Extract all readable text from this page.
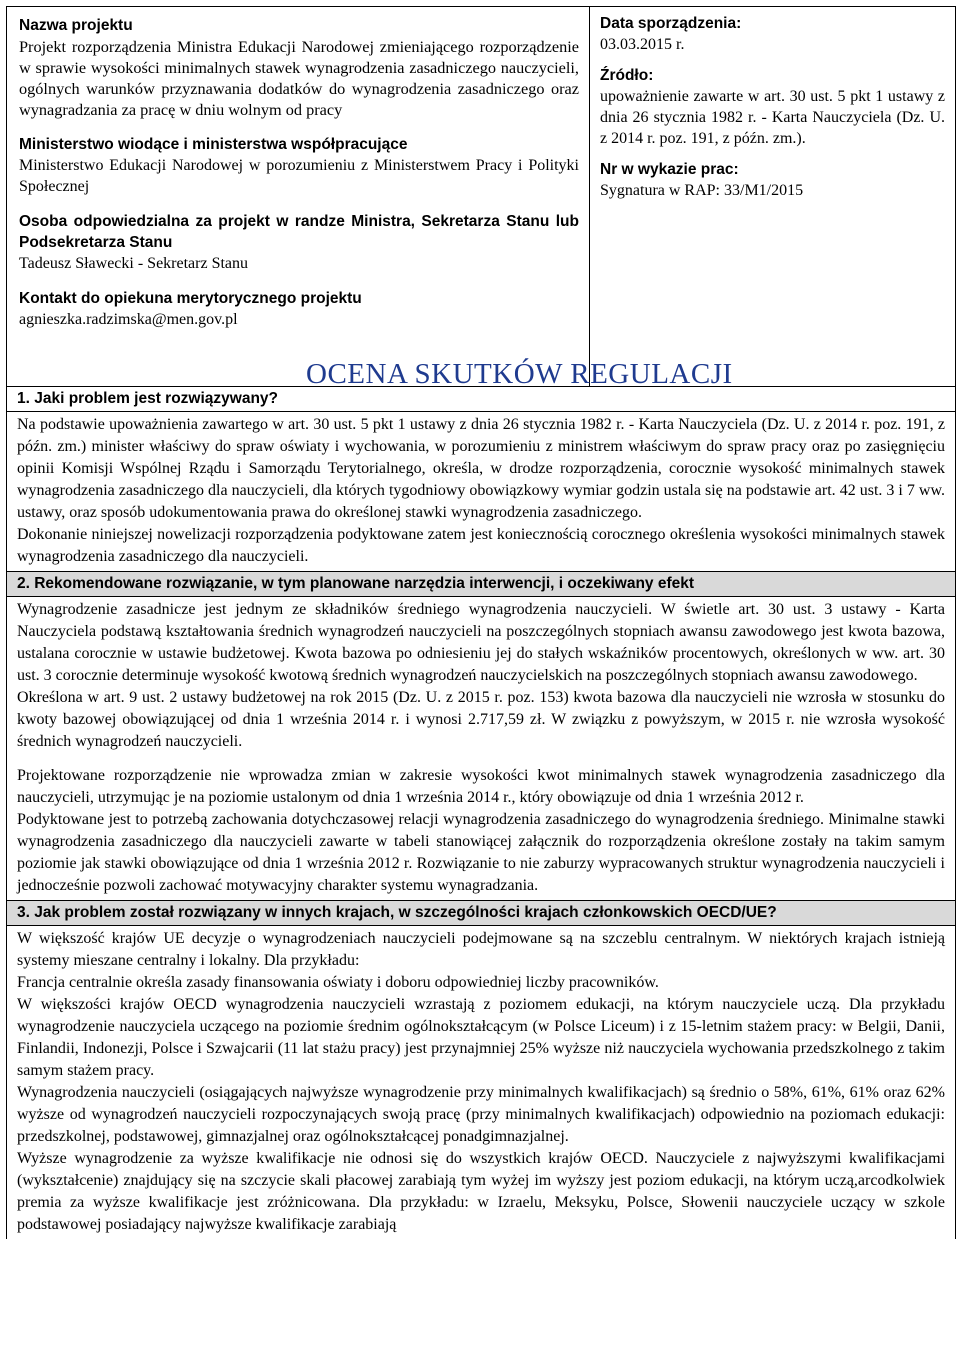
Nazwa projektu
Projekt rozporządzenia Ministra Edukacji Narodowej zmieniającego rozporządzenie w sprawie wysokości minimalnych stawek wynagrodzenia zasadniczego nauczycieli, ogólnych warunków przyznawania dodatków do wynagrodzenia zasadniczego oraz wynagradzania za pracę w dniu wolnym od pracy
Ministerstwo wiodące i ministerstwa współpracujące
Ministerstwo Edukacji Narodowej w porozumieniu z Ministerstwem Pracy i Polityki Społecznej
Osoba odpowiedzialna za projekt w randze Ministra, Sekretarza Stanu lub Podsekretarza Stanu
Tadeusz Sławecki - Sekretarz Stanu
Kontakt do opiekuna merytorycznego projektu
agnieszka.radzimska@men.gov.pl
Data sporządzenia:
03.03.2015 r.
Źródło:
upoważnienie zawarte w art. 30 ust. 5 pkt 1 ustawy z dnia 26 stycznia 1982 r. - Karta Nauczyciela (Dz. U. z 2014 r. poz. 191, z późn. zm.).
Nr w wykazie prac:
Sygnatura w RAP: 33/M1/2015
OCENA SKUTKÓW REGULACJI
1. Jaki problem jest rozwiązywany?

Na podstawie upoważnienia zawartego w art. 30 ust. 5 pkt 1 ustawy z dnia 26 stycznia 1982 r. - Karta Nauczyciela (Dz. U. z 2014 r. poz. 191, z późn. zm.) minister właściwy do spraw oświaty i wychowania, w porozumieniu z ministrem właściwym do spraw pracy oraz po zasięgnięciu opinii Komisji Wspólnej Rządu i Samorządu Terytorialnego, określa, w drodze rozporządzenia, corocznie wysokość minimalnych stawek wynagrodzenia zasadniczego dla nauczycieli, dla których tygodniowy obowiązkowy wymiar godzin ustala się na podstawie art. 42 ust. 3 i 7 ww. ustawy, oraz sposób udokumentowania prawa do określonej stawki wynagrodzenia zasadniczego.

Dokonanie niniejszej nowelizacji rozporządzenia podyktowane zatem jest koniecznością corocznego określenia wysokości minimalnych stawek wynagrodzenia zasadniczego dla nauczycieli.

2. Rekomendowane rozwiązanie, w tym planowane narzędzia interwencji, i oczekiwany efekt

Wynagrodzenie zasadnicze jest jednym ze składników średniego wynagrodzenia nauczycieli. W świetle art. 30 ust. 3 ustawy - Karta Nauczyciela podstawą kształtowania średnich wynagrodzeń nauczycieli na poszczególnych stopniach awansu zawodowego jest kwota bazowa, ustalana corocznie w ustawie budżetowej. Kwota bazowa po odniesieniu jej do stałych wskaźników procentowych, określonych w ww. art. 30 ust. 3 corocznie determinuje wysokość kwotową średnich wynagrodzeń nauczycielskich na poszczególnych stopniach awansu zawodowego.

Określona w art. 9 ust. 2 ustawy budżetowej na rok 2015 (Dz. U. z 2015 r. poz. 153) kwota bazowa dla nauczycieli nie wzrosła w stosunku do kwoty bazowej obowiązującej od dnia 1 września 2014 r. i wynosi 2.717,59 zł. W związku z powyższym, w 2015 r. nie wzrosła wysokość średnich wynagrodzeń nauczycieli.

Projektowane rozporządzenie nie wprowadza zmian w zakresie wysokości kwot minimalnych stawek wynagrodzenia zasadniczego dla nauczycieli, utrzymując je na poziomie ustalonym od dnia 1 września 2014 r., który obowiązuje od dnia 1 września 2012 r.

Podyktowane jest to potrzebą zachowania dotychczasowej relacji wynagrodzenia zasadniczego do wynagrodzenia średniego. Minimalne stawki wynagrodzenia zasadniczego dla nauczycieli zawarte w tabeli stanowiącej załącznik do rozporządzenia określone zostały na takim samym poziomie jak stawki obowiązujące od dnia 1 września 2012 r. Rozwiązanie to nie zaburzy wypracowanych struktur wynagrodzenia nauczycieli i jednocześnie pozwoli zachować motywacyjny charakter systemu wynagradzania.

3. Jak problem został rozwiązany w innych krajach, w szczególności krajach członkowskich OECD/UE?

W większość krajów UE decyzje o wynagrodzeniach nauczycieli podejmowane są na szczeblu centralnym. W niektórych krajach istnieją systemy mieszane centralny i lokalny. Dla przykładu:

Francja centralnie określa zasady finansowania oświaty i doboru odpowiedniej liczby pracowników.

W większości krajów OECD wynagrodzenia nauczycieli wzrastają z poziomem edukacji, na którym nauczyciele uczą. Dla przykładu wynagrodzenie nauczyciela uczącego na poziomie średnim ogólnokształcącym (w Polsce Liceum) i z 15-letnim stażem pracy: w Belgii, Danii, Finlandii, Indonezji, Polsce i Szwajcarii (11 lat stażu pracy) jest przynajmniej 25% wyższe niż nauczyciela wychowania przedszkolnego z takim samym stażem pracy.

Wynagrodzenia nauczycieli (osiągających najwyższe wynagrodzenie przy minimalnych kwalifikacjach) są średnio o 58%, 61%, 61% oraz 62% wyższe od wynagrodzeń nauczycieli rozpoczynających swoją pracę (przy minimalnych kwalifikacjach) odpowiednio na poziomach edukacji: przedszkolnej, podstawowej, gimnazjalnej oraz ogólnokształcącej ponadgimnazjalnej.

Wyższe wynagrodzenie za wyższe kwalifikacje nie odnosi się do wszystkich krajów OECD. Nauczyciele z najwyższymi kwalifikacjami (wykształcenie) znajdujący się na szczycie skali płacowej zarabiają tym wyżej im wyższy jest poziom edukacji, na którym uczą,arcodkolwiek premia za wyższe kwalifikacje jest zróżnicowana. Dla przykładu: w Izraelu, Meksyku, Polsce, Słowenii nauczyciele uczący w szkole podstawowej posiadający najwyższe kwalifikacje zarabiają
